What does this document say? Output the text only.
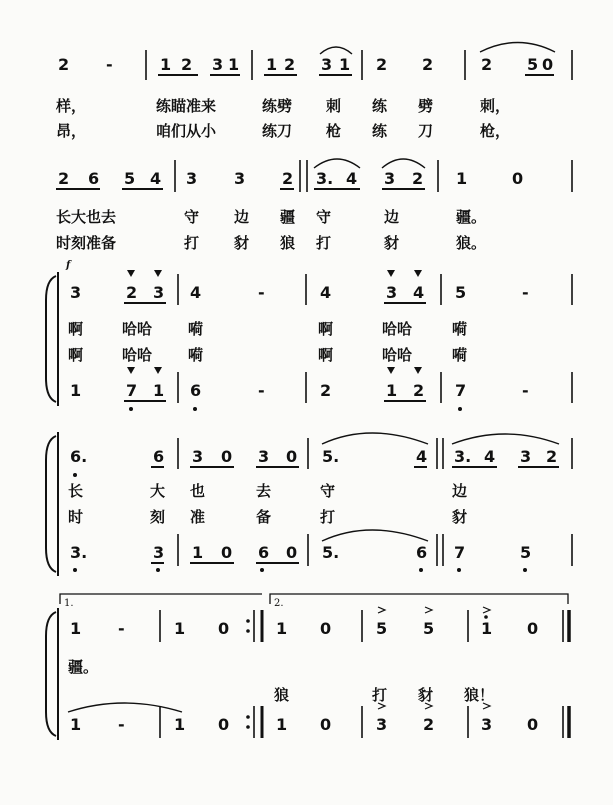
2 -	1 2 3 1 1 2 3 1 2 2	2 5 0
2 6 5 4 3 3 2 3. 4 3 2 1	0
3	2 3 4	-	4	3 4 5	-
1	7 1 6	-	2	1 2 7	-
6.	6 3 0 3 0 5.	4 3. 4 3 2
3.	3 1 0 6 0 5.	6 7	5
1 -	1 0	1 0	5 5	1 0
1 -	1 0	1 0	3 2	3 0
f
1.	2.
样，	练瞄准来	练劈 刺 练 劈	刺，
昂，	咱们从小	练刀 枪 练 刀	枪，
长大也去	守 边 疆 守	边	疆。
时刻准备	打 豺 狼 打	豺	狼。
啊	哈哈 嗬	啊	哈哈	嗬
啊	哈哈 嗬	啊	哈哈	嗬
长	大 也	去	守	边
时	刻 准	备	打	豺
疆。
狼	打 豺 狼！
